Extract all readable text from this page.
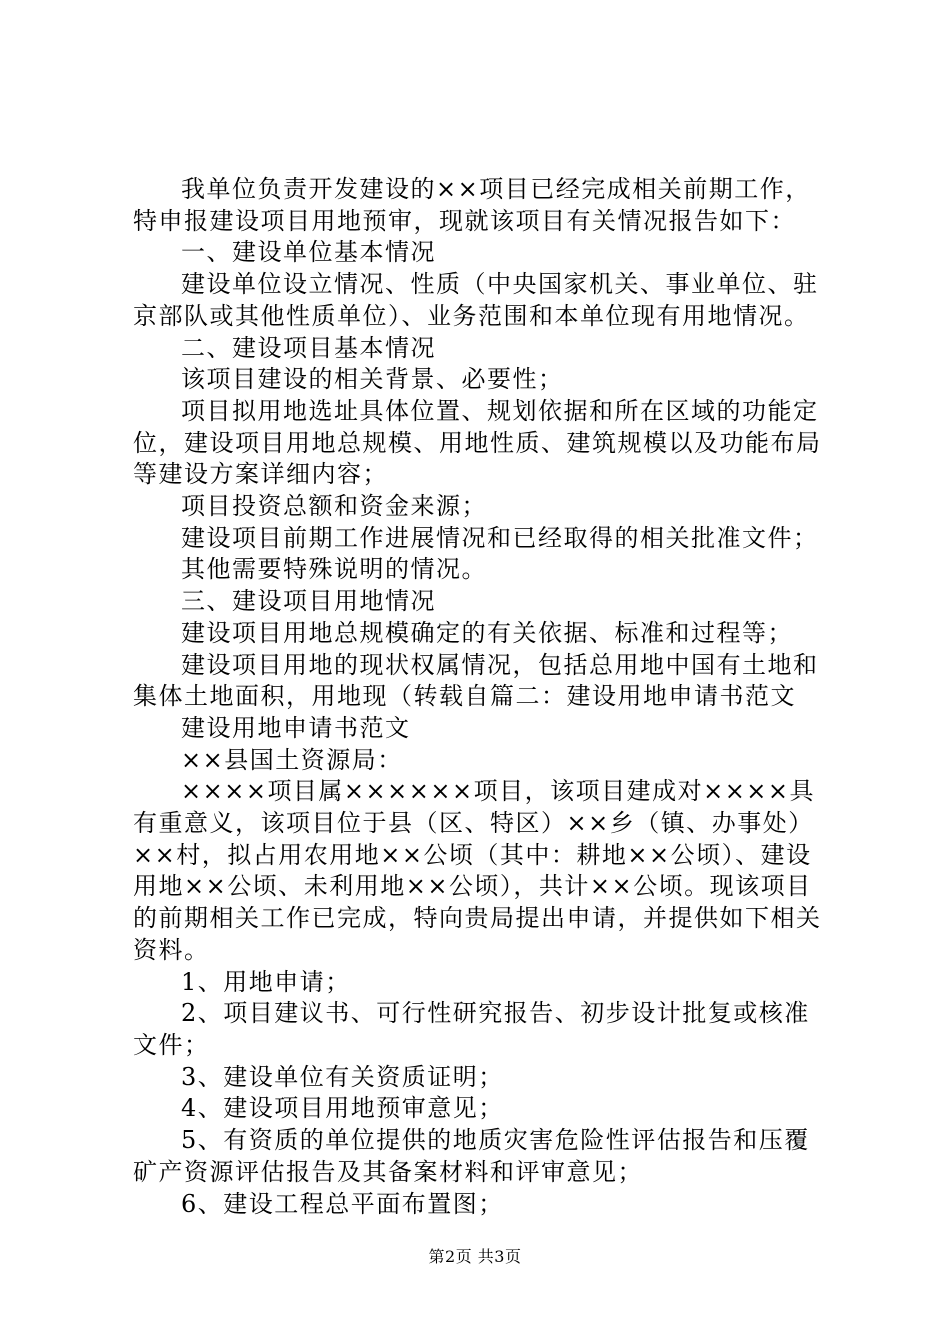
我单位负责开发建设的××项目已经完成相关前期工作，特申报建设项目用地预审，现就该项目有关情况报告如下：

一、建设单位基本情况

建设单位设立情况、性质（中央国家机关、事业单位、驻京部队或其他性质单位）、业务范围和本单位现有用地情况。

二、建设项目基本情况

该项目建设的相关背景、必要性；

项目拟用地选址具体位置、规划依据和所在区域的功能定位，建设项目用地总规模、用地性质、建筑规模以及功能布局等建设方案详细内容；

项目投资总额和资金来源；

建设项目前期工作进展情况和已经取得的相关批准文件；

其他需要特殊说明的情况。

三、建设项目用地情况

建设项目用地总规模确定的有关依据、标准和过程等；

建设项目用地的现状权属情况，包括总用地中国有土地和集体土地面积，用地现（转载自篇二：建设用地申请书范文

建设用地申请书范文

××县国土资源局：

××××项目属××××××项目，该项目建成对××××具有重意义，该项目位于县（区、特区）××乡（镇、办事处）××村，拟占用农用地××公顷（其中：耕地××公顷）、建设用地××公顷、未利用地××公顷），共计××公顷。现该项目的前期相关工作已完成，特向贵局提出申请，并提供如下相关资料。

1、用地申请；

2、项目建议书、可行性研究报告、初步设计批复或核准文件；

3、建设单位有关资质证明；

4、建设项目用地预审意见；

5、有资质的单位提供的地质灾害危险性评估报告和压覆矿产资源评估报告及其备案材料和评审意见；

6、建设工程总平面布置图；

第2页 共3页
